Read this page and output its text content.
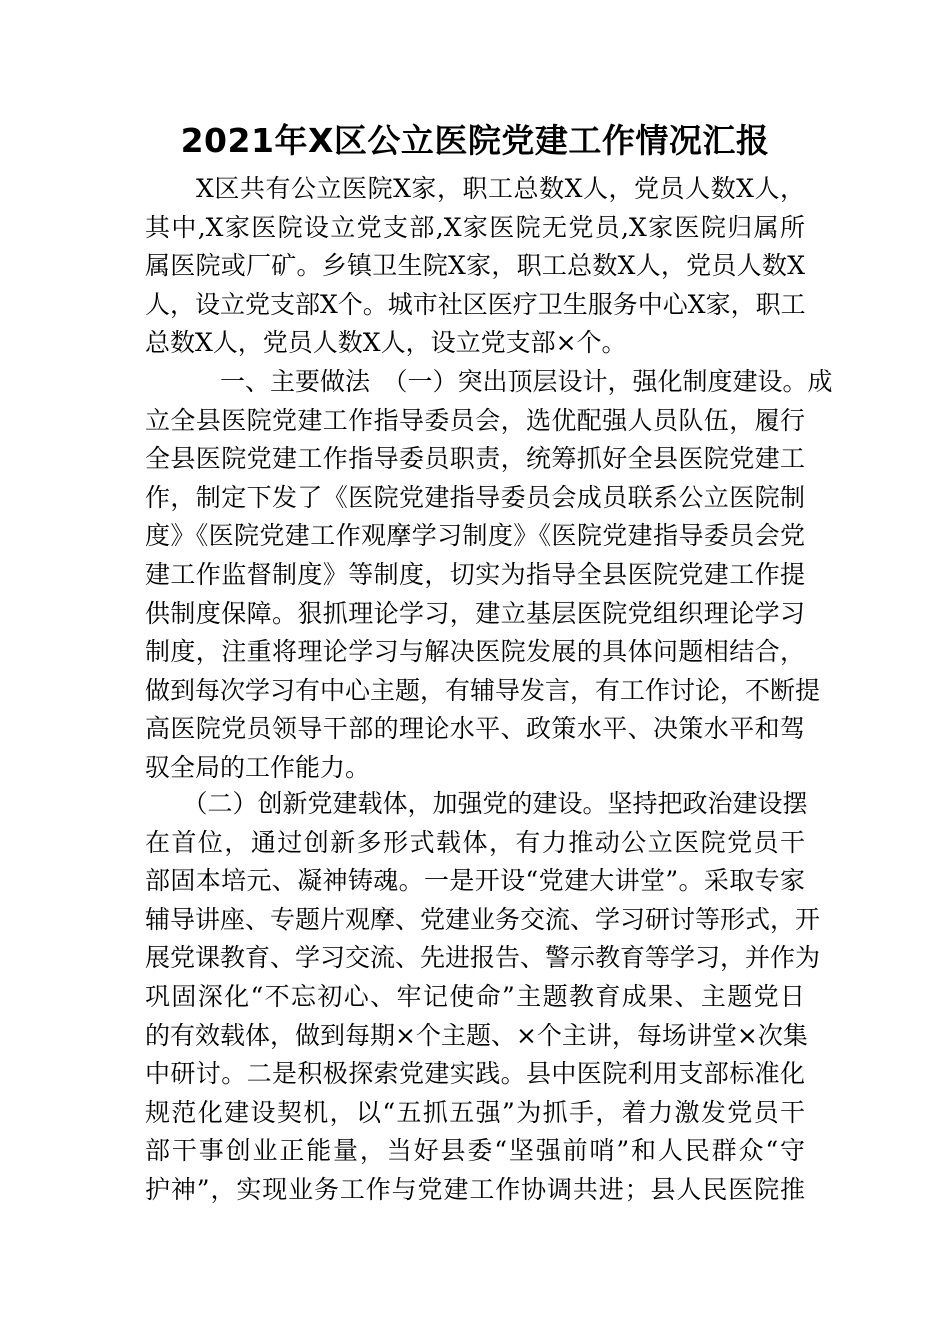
2021年X区公立医院党建工作情况汇报
　　X区共有公立医院X家，职工总数X人，党员人数X人，
其中,X家医院设立党支部,X家医院无党员,X家医院归属所
属医院或厂矿。乡镇卫生院X家，职工总数X人，党员人数X
人，设立党支部X个。城市社区医疗卫生服务中心X家，职工
总数X人，党员人数X人，设立党支部×个。
　　　一、主要做法　（一）突出顶层设计，强化制度建设。成
立全县医院党建工作指导委员会，选优配强人员队伍，履行
全县医院党建工作指导委员职责，统筹抓好全县医院党建工
作，制定下发了《医院党建指导委员会成员联系公立医院制
度》《医院党建工作观摩学习制度》《医院党建指导委员会党
建工作监督制度》等制度，切实为指导全县医院党建工作提
供制度保障。狠抓理论学习，建立基层医院党组织理论学习
制度，注重将理论学习与解决医院发展的具体问题相结合，
做到每次学习有中心主题，有辅导发言，有工作讨论，不断提
高医院党员领导干部的理论水平、政策水平、决策水平和驾
驭全局的工作能力。
　　（二）创新党建载体，加强党的建设。坚持把政治建设摆
在首位，通过创新多形式载体，有力推动公立医院党员干
部固本培元、凝神铸魂。一是开设“党建大讲堂”。采取专家
辅导讲座、专题片观摩、党建业务交流、学习研讨等形式，开
展党课教育、学习交流、先进报告、警示教育等学习，并作为
巩固深化“不忘初心、牢记使命”主题教育成果、主题党日
的有效载体，做到每期×个主题、×个主讲，每场讲堂×次集
中研讨。二是积极探索党建实践。县中医院利用支部标准化
规范化建设契机，以“五抓五强”为抓手，着力激发党员干
部干事创业正能量，当好县委“坚强前哨”和人民群众“守
护神”，实现业务工作与党建工作协调共进；县人民医院推
